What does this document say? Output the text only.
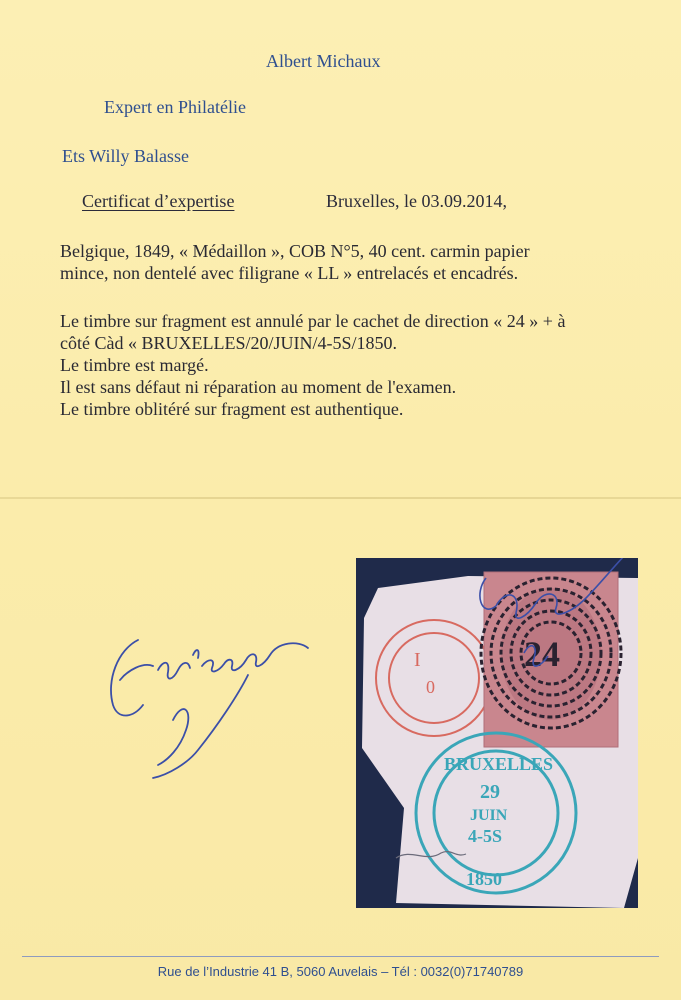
Albert Michaux
Expert en Philatélie
Ets Willy Balasse
Certificat d’expertise	Bruxelles, le 03.09.2014,

Belgique, 1849, « Médaillon », COB N°5, 40 cent. carmin papier

mince, non dentelé avec filigrane « LL » entrelacés et encadrés.

Le timbre sur fragment est annulé par le cachet de direction « 24 » + à

côté Càd « BRUXELLES/20/JUIN/4-5S/1850.

Le timbre est margé.

Il est sans défaut ni réparation au moment de l'examen.

Le timbre oblitéré sur fragment est authentique.

I
0
24
BRUXELLES
29
JUIN
4-5S
1850
Rue de l’Industrie 41 B, 5060 Auvelais – Tél : 0032(0)71740789
